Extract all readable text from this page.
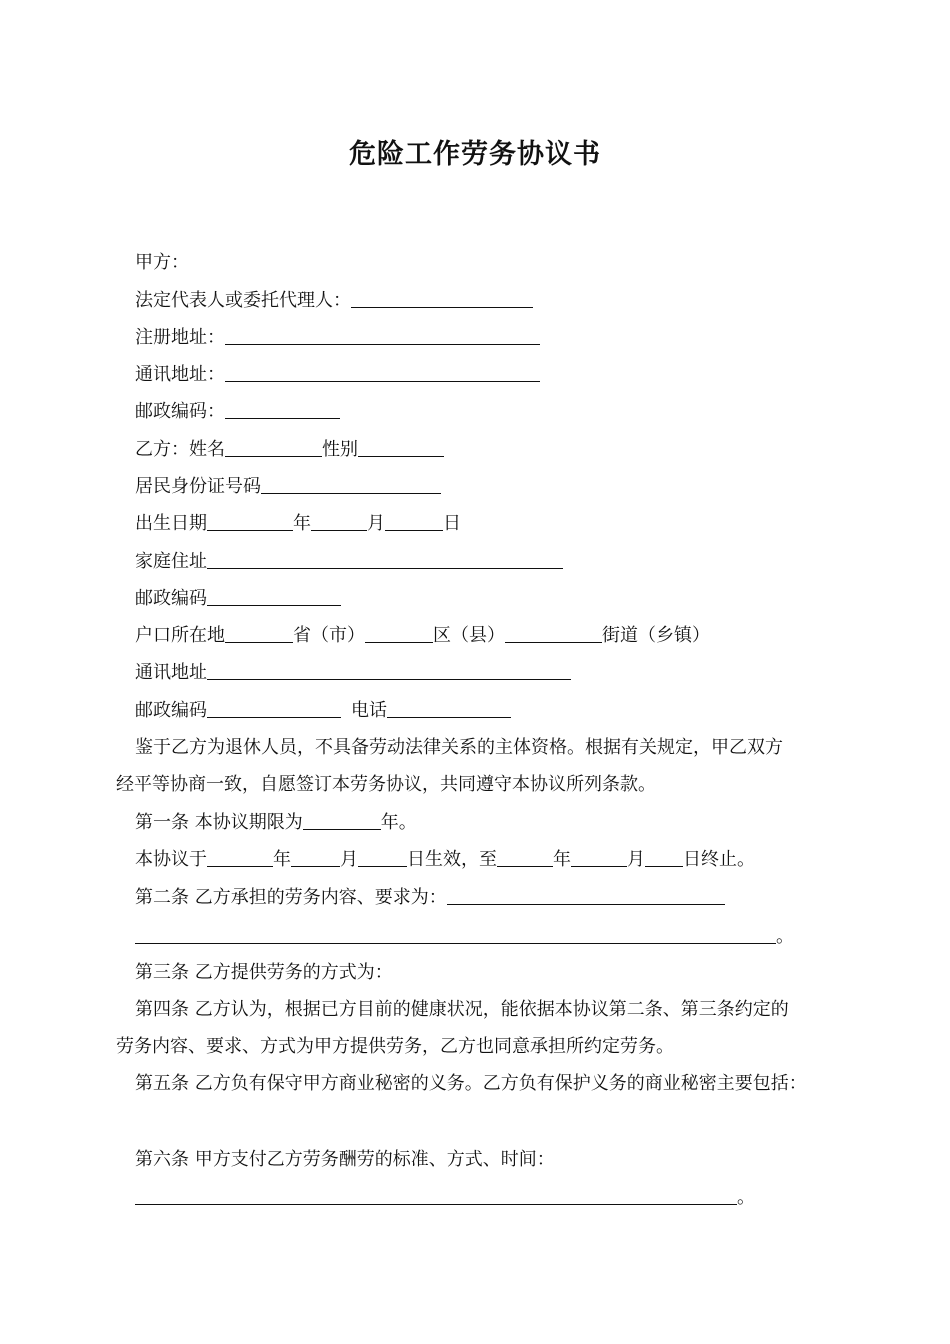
危险工作劳务协议书
甲方：
法定代表人或委托代理人：
注册地址：
通讯地址：
邮政编码：
乙方：姓名	性别
居民身份证号码
出生日期	年	月	日
家庭住址
邮政编码
户口所在地	省（市）	区（县）	街道（乡镇）
通讯地址
邮政编码	电话
鉴于乙方为退休人员，不具备劳动法律关系的主体资格。根据有关规定，甲乙双方
经平等协商一致，自愿签订本劳务协议，共同遵守本协议所列条款。
第一条 本协议期限为	年。
本协议于	年	月	日生效，至	年	月 日终止。
第二条 乙方承担的劳务内容、要求为：
。
第三条 乙方提供劳务的方式为：
第四条 乙方认为，根据已方目前的健康状况，能依据本协议第二条、第三条约定的
劳务内容、要求、方式为甲方提供劳务，乙方也同意承担所约定劳务。
第五条 乙方负有保守甲方商业秘密的义务。乙方负有保护义务的商业秘密主要包括：
第六条 甲方支付乙方劳务酬劳的标准、方式、时间：
。
